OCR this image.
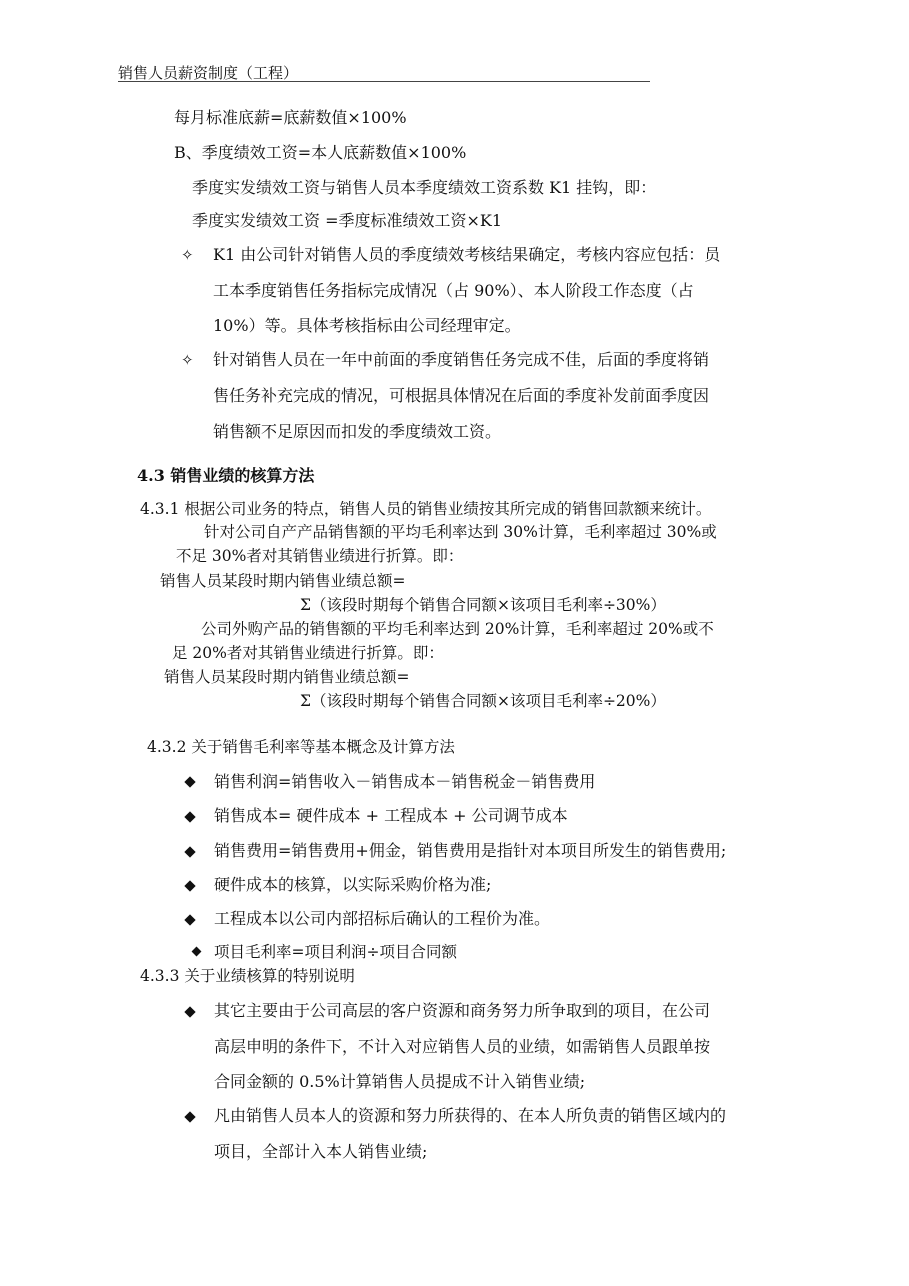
销售人员薪资制度（工程）
每月标准底薪=底薪数值×100%
B、季度绩效工资=本人底薪数值×100%
季度实发绩效工资与销售人员本季度绩效工资系数 K1 挂钩，即：
季度实发绩效工资 =季度标准绩效工资×K1
✧ K1 由公司针对销售人员的季度绩效考核结果确定，考核内容应包括：员
工本季度销售任务指标完成情况（占 90%）、本人阶段工作态度（占
10%）等。具体考核指标由公司经理审定。
✧ 针对销售人员在一年中前面的季度销售任务完成不佳，后面的季度将销
售任务补充完成的情况，可根据具体情况在后面的季度补发前面季度因
销售额不足原因而扣发的季度绩效工资。
4.3 销售业绩的核算方法
4.3.1 根据公司业务的特点，销售人员的销售业绩按其所完成的销售回款额来统计。
针对公司自产产品销售额的平均毛利率达到 30%计算，毛利率超过 30%或
不足 30%者对其销售业绩进行折算。即：
销售人员某段时期内销售业绩总额=
Σ（该段时期每个销售合同额×该项目毛利率÷30%）
公司外购产品的销售额的平均毛利率达到 20%计算，毛利率超过 20%或不
足 20%者对其销售业绩进行折算。即：
销售人员某段时期内销售业绩总额=
Σ（该段时期每个销售合同额×该项目毛利率÷20%）
4.3.2 关于销售毛利率等基本概念及计算方法
销售利润=销售收入－销售成本－销售税金－销售费用
销售成本= 硬件成本 + 工程成本 + 公司调节成本
销售费用=销售费用+佣金，销售费用是指针对本项目所发生的销售费用;
硬件成本的核算，以实际采购价格为准;
工程成本以公司内部招标后确认的工程价为准。
项目毛利率=项目利润÷项目合同额
4.3.3 关于业绩核算的特别说明
其它主要由于公司高层的客户资源和商务努力所争取到的项目，在公司
高层申明的条件下，不计入对应销售人员的业绩，如需销售人员跟单按
合同金额的 0.5%计算销售人员提成不计入销售业绩;
凡由销售人员本人的资源和努力所获得的、在本人所负责的销售区域内的
项目，全部计入本人销售业绩;
